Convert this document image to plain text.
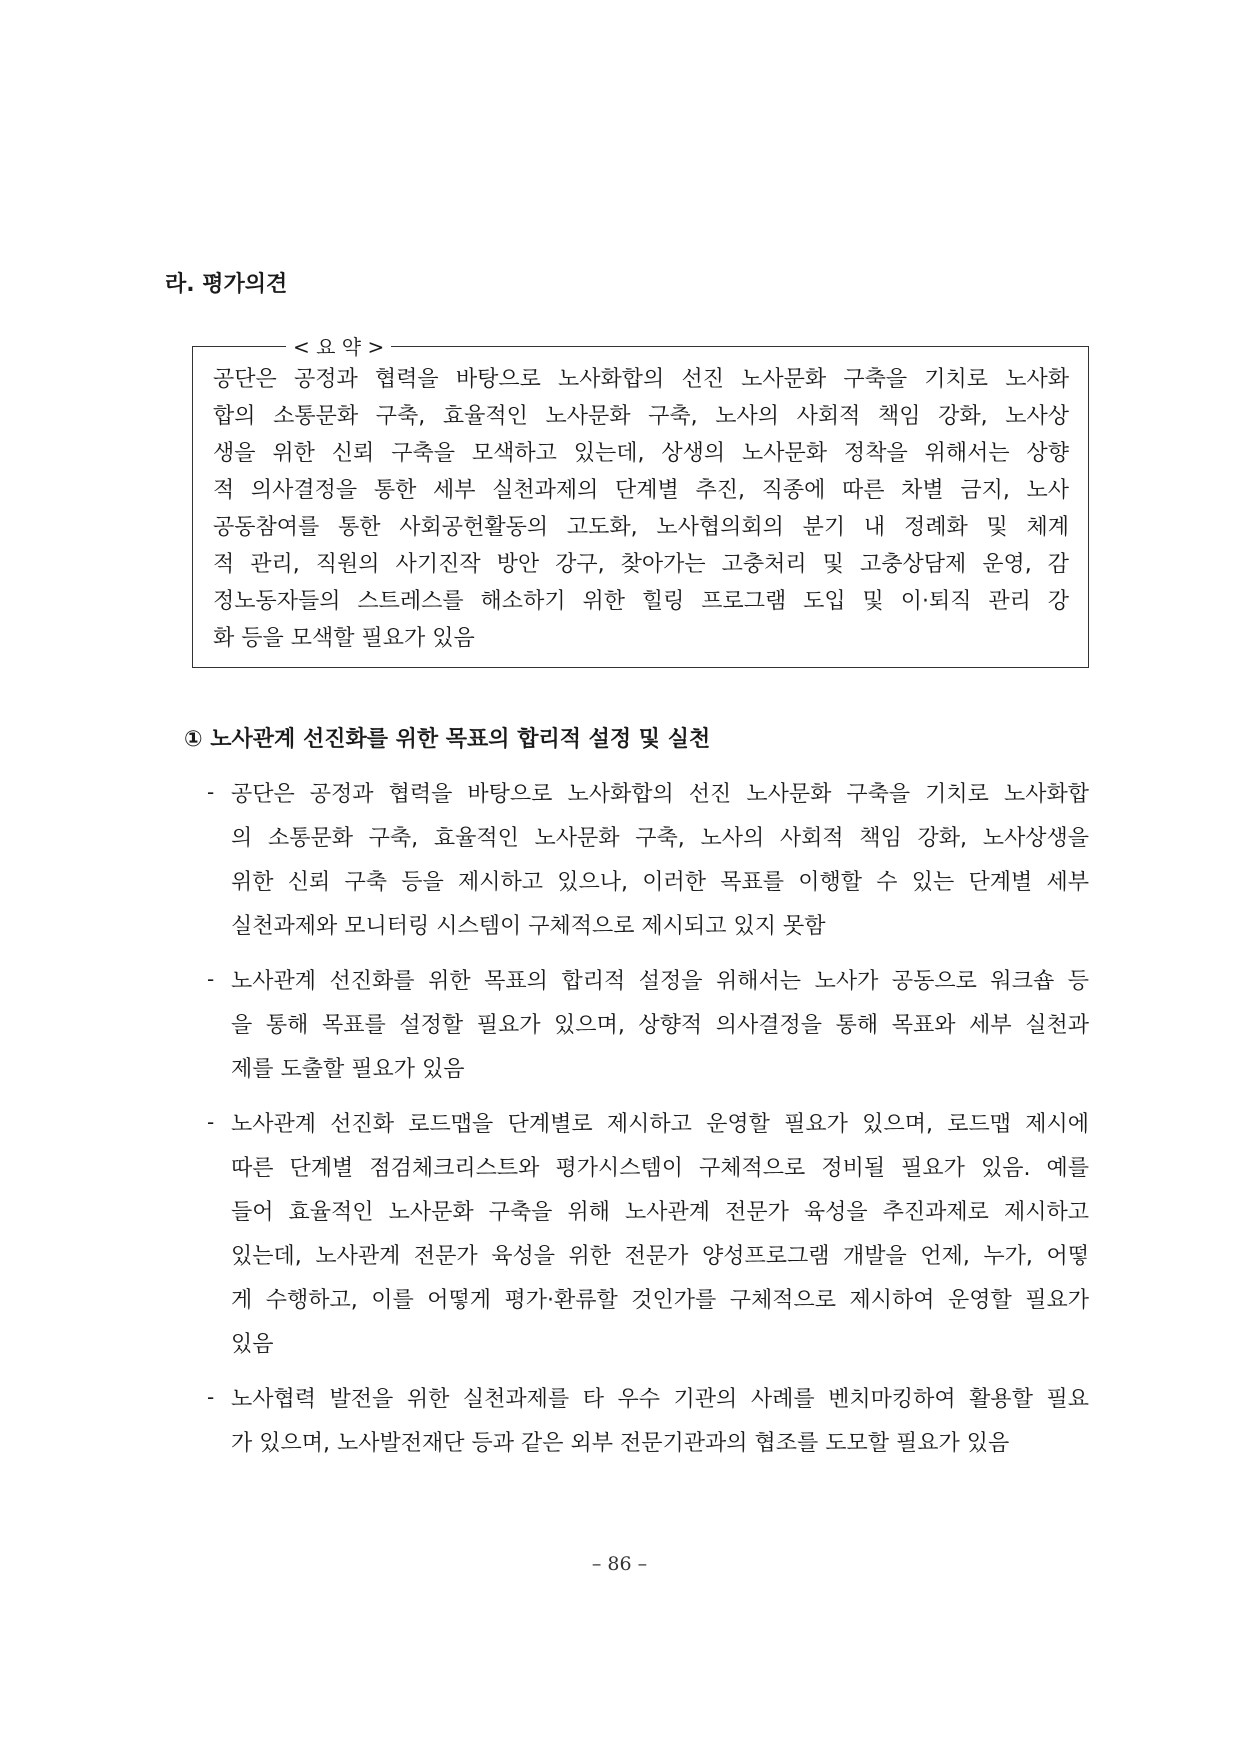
라. 평가의견
< 요 약 >
공단은 공정과 협력을 바탕으로 노사화합의 선진 노사문화 구축을 기치로 노사화
합의 소통문화 구축, 효율적인 노사문화 구축, 노사의 사회적 책임 강화, 노사상
생을 위한 신뢰 구축을 모색하고 있는데, 상생의 노사문화 정착을 위해서는 상향
적 의사결정을 통한 세부 실천과제의 단계별 추진, 직종에 따른 차별 금지, 노사
공동참여를 통한 사회공헌활동의 고도화, 노사협의회의 분기 내 정례화 및 체계
적 관리, 직원의 사기진작 방안 강구, 찾아가는 고충처리 및 고충상담제 운영, 감
정노동자들의 스트레스를 해소하기 위한 힐링 프로그램 도입 및 이·퇴직 관리 강
화 등을 모색할 필요가 있음
① 노사관계 선진화를 위한 목표의 합리적 설정 및 실천
- 공단은 공정과 협력을 바탕으로 노사화합의 선진 노사문화 구축을 기치로 노사화합
의 소통문화 구축, 효율적인 노사문화 구축, 노사의 사회적 책임 강화, 노사상생을
위한 신뢰 구축 등을 제시하고 있으나, 이러한 목표를 이행할 수 있는 단계별 세부
실천과제와 모니터링 시스템이 구체적으로 제시되고 있지 못함
- 노사관계 선진화를 위한 목표의 합리적 설정을 위해서는 노사가 공동으로 워크숍 등
을 통해 목표를 설정할 필요가 있으며, 상향적 의사결정을 통해 목표와 세부 실천과
제를 도출할 필요가 있음
- 노사관계 선진화 로드맵을 단계별로 제시하고 운영할 필요가 있으며, 로드맵 제시에
따른 단계별 점검체크리스트와 평가시스템이 구체적으로 정비될 필요가 있음. 예를
들어 효율적인 노사문화 구축을 위해 노사관계 전문가 육성을 추진과제로 제시하고
있는데, 노사관계 전문가 육성을 위한 전문가 양성프로그램 개발을 언제, 누가, 어떻
게 수행하고, 이를 어떻게 평가·환류할 것인가를 구체적으로 제시하여 운영할 필요가
있음
- 노사협력 발전을 위한 실천과제를 타 우수 기관의 사례를 벤치마킹하여 활용할 필요
가 있으며, 노사발전재단 등과 같은 외부 전문기관과의 협조를 도모할 필요가 있음
– 86 –
